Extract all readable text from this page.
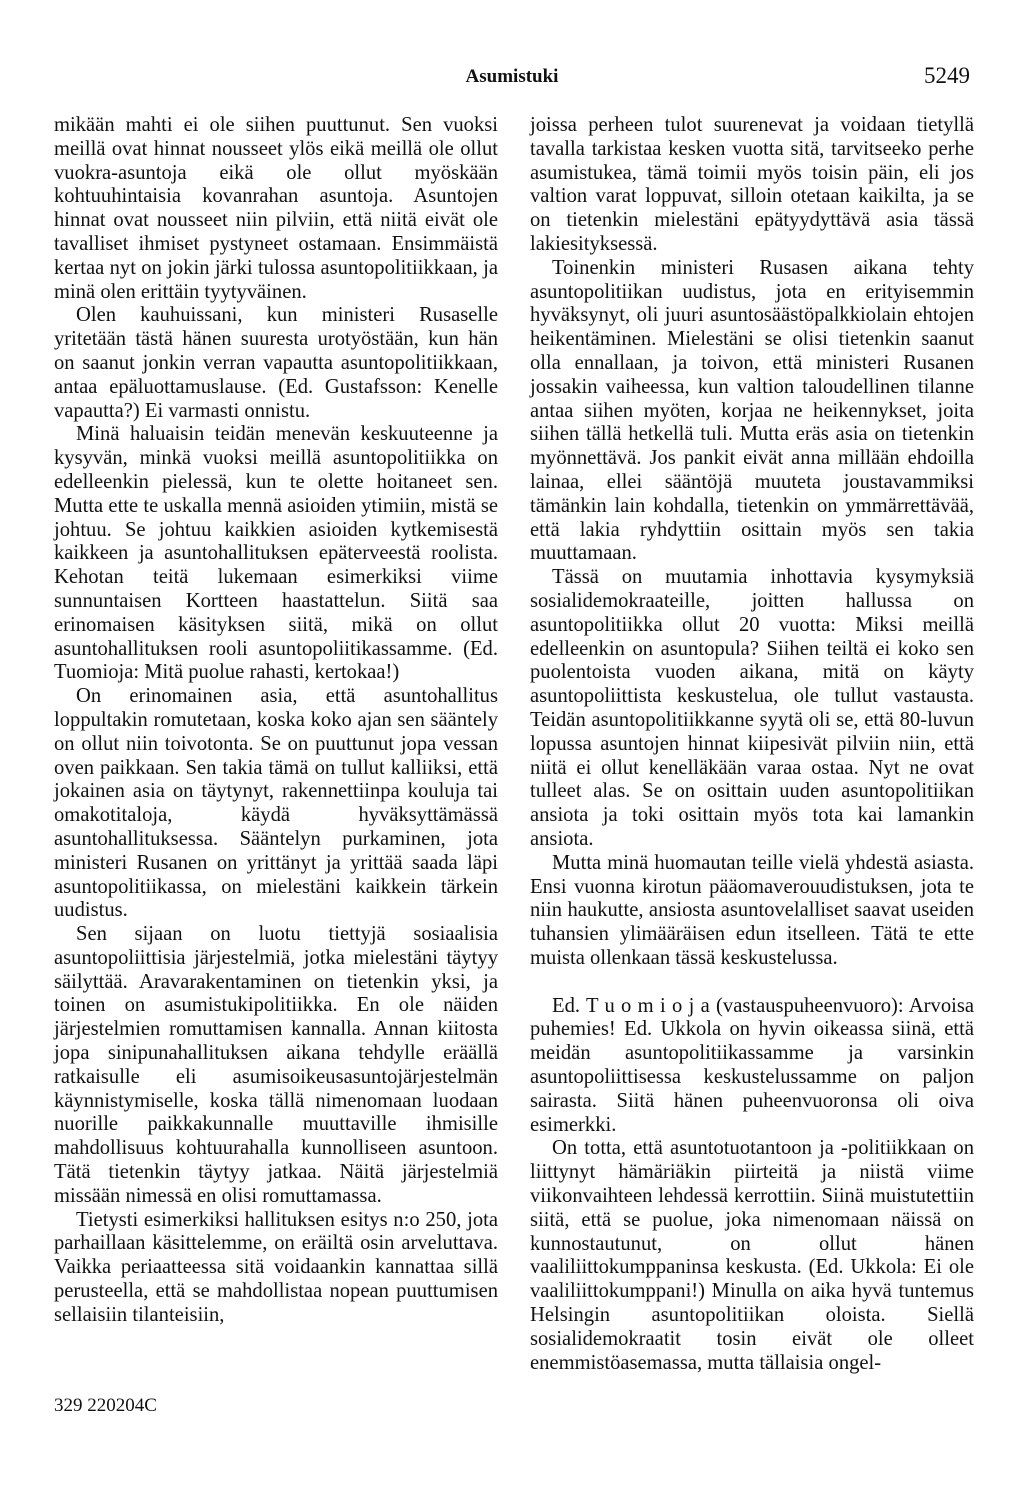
Asumistuki	5249

mikään mahti ei ole siihen puuttunut. Sen vuoksi meillä ovat hinnat nousseet ylös eikä meillä ole ollut vuokra-asuntoja eikä ole ollut myöskään kohtuuhintaisia kovanrahan asuntoja. Asuntojen hinnat ovat nousseet niin pilviin, että niitä eivät ole tavalliset ihmiset pystyneet ostamaan. Ensimmäistä kertaa nyt on jokin järki tulossa asuntopolitiikkaan, ja minä olen erittäin tyytyväinen.

Olen kauhuissani, kun ministeri Rusaselle yritetään tästä hänen suuresta urotyöstään, kun hän on saanut jonkin verran vapautta asuntopolitiikkaan, antaa epäluottamuslause. (Ed. Gustafsson: Kenelle vapautta?) Ei varmasti onnistu.

Minä haluaisin teidän menevän keskuuteenne ja kysyvän, minkä vuoksi meillä asuntopolitiikka on edelleenkin pielessä, kun te olette hoitaneet sen. Mutta ette te uskalla mennä asioiden ytimiin, mistä se johtuu. Se johtuu kaikkien asioiden kytkemisestä kaikkeen ja asuntohallituksen epäterveestä roolista. Kehotan teitä lukemaan esimerkiksi viime sunnuntaisen Kortteen haastattelun. Siitä saa erinomaisen käsityksen siitä, mikä on ollut asuntohallituksen rooli asuntopoliitikassamme. (Ed. Tuomioja: Mitä puolue rahasti, kertokaa!)

On erinomainen asia, että asuntohallitus loppultakin romutetaan, koska koko ajan sen sääntely on ollut niin toivotonta. Se on puuttunut jopa vessan oven paikkaan. Sen takia tämä on tullut kalliiksi, että jokainen asia on täytynyt, rakennettiinpa kouluja tai omakotitaloja, käydä hyväksyttämässä asuntohallituksessa. Sääntelyn purkaminen, jota ministeri Rusanen on yrittänyt ja yrittää saada läpi asuntopolitiikassa, on mielestäni kaikkein tärkein uudistus.

Sen sijaan on luotu tiettyjä sosiaalisia asuntopoliittisia järjestelmiä, jotka mielestäni täytyy säilyttää. Aravarakentaminen on tietenkin yksi, ja toinen on asumistukipolitiikka. En ole näiden järjestelmien romuttamisen kannalla. Annan kiitosta jopa sinipunahallituksen aikana tehdylle eräällä ratkaisulle eli asumisoikeusasuntojärjestelmän käynnistymiselle, koska tällä nimenomaan luodaan nuorille paikkakunnalle muuttaville ihmisille mahdollisuus kohtuurahalla kunnolliseen asuntoon. Tätä tietenkin täytyy jatkaa. Näitä järjestelmiä missään nimessä en olisi romuttamassa.

Tietysti esimerkiksi hallituksen esitys n:o 250, jota parhaillaan käsittelemme, on eräiltä osin arveluttava. Vaikka periaatteessa sitä voidaankin kannattaa sillä perusteella, että se mahdollistaa nopean puuttumisen sellaisiin tilanteisiin,

joissa perheen tulot suurenevat ja voidaan tietyllä tavalla tarkistaa kesken vuotta sitä, tarvitseeko perhe asumistukea, tämä toimii myös toisin päin, eli jos valtion varat loppuvat, silloin otetaan kaikilta, ja se on tietenkin mielestäni epätyydyttävä asia tässä lakiesityksessä.

Toinenkin ministeri Rusasen aikana tehty asuntopolitiikan uudistus, jota en erityisemmin hyväksynyt, oli juuri asuntosäästöpalkkiolain ehtojen heikentäminen. Mielestäni se olisi tietenkin saanut olla ennallaan, ja toivon, että ministeri Rusanen jossakin vaiheessa, kun valtion taloudellinen tilanne antaa siihen myöten, korjaa ne heikennykset, joita siihen tällä hetkellä tuli. Mutta eräs asia on tietenkin myönnettävä. Jos pankit eivät anna millään ehdoilla lainaa, ellei sääntöjä muuteta joustavammiksi tämänkin lain kohdalla, tietenkin on ymmärrettävää, että lakia ryhdyttiin osittain myös sen takia muuttamaan.

Tässä on muutamia inhottavia kysymyksiä sosialidemokraateille, joitten hallussa on asuntopolitiikka ollut 20 vuotta: Miksi meillä edelleenkin on asuntopula? Siihen teiltä ei koko sen puolentoista vuoden aikana, mitä on käyty asuntopoliittista keskustelua, ole tullut vastausta. Teidän asuntopolitiikkanne syytä oli se, että 80-luvun lopussa asuntojen hinnat kiipesivät pilviin niin, että niitä ei ollut kenelläkään varaa ostaa. Nyt ne ovat tulleet alas. Se on osittain uuden asuntopolitiikan ansiota ja toki osittain myös tota kai lamankin ansiota.

Mutta minä huomautan teille vielä yhdestä asiasta. Ensi vuonna kirotun pääomaverouudistuksen, jota te niin haukutte, ansiosta asuntovelalliset saavat useiden tuhansien ylimääräisen edun itselleen. Tätä te ette muista ollenkaan tässä keskustelussa.

Ed. T u o m i o j a (vastauspuheenvuoro): Arvoisa puhemies! Ed. Ukkola on hyvin oikeassa siinä, että meidän asuntopolitiikassamme ja varsinkin asuntopoliittisessa keskustelussamme on paljon sairasta. Siitä hänen puheenvuoronsa oli oiva esimerkki.

On totta, että asuntotuotantoon ja -politiikkaan on liittynyt hämäriäkin piirteitä ja niistä viime viikonvaihteen lehdessä kerrottiin. Siinä muistutettiin siitä, että se puolue, joka nimenomaan näissä on kunnostautunut, on ollut hänen vaaliliittokumppaninsa keskusta. (Ed. Ukkola: Ei ole vaaliliittokumppani!) Minulla on aika hyvä tuntemus Helsingin asuntopolitiikan oloista. Siellä sosialidemokraatit tosin eivät ole olleet enemmistöasemassa, mutta tällaisia ongel-

329 220204C
